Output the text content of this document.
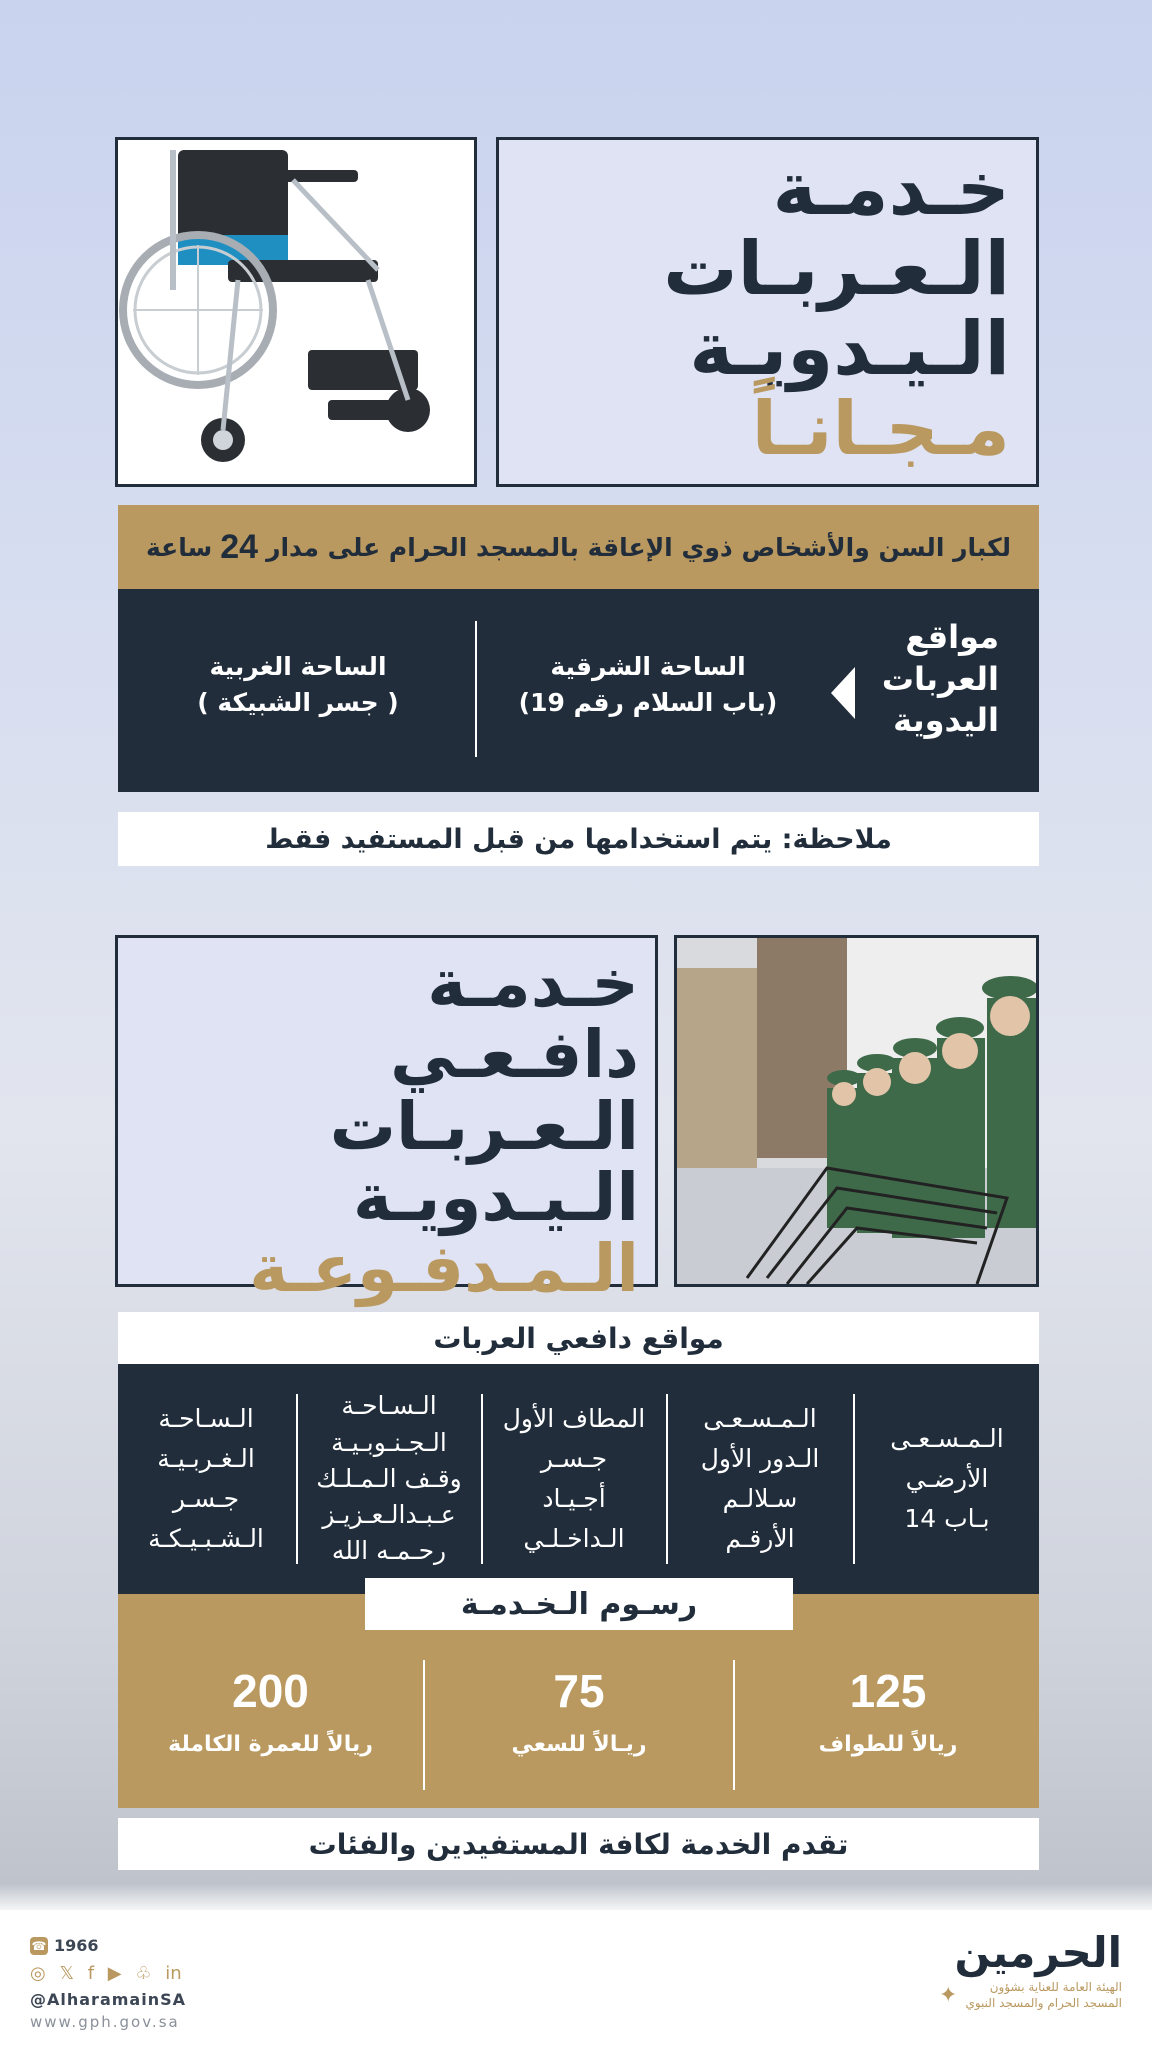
خـدمـة
الـعـربـات
الـيـدويـة
مـجـانـاً
لكبار السن والأشخاص ذوي الإعاقة بالمسجد الحرام على مدار
24
ساعة
مواقع
العربات
اليدوية
الساحة الشرقية
(باب السلام رقم 19)
الساحة الغربية
( جسر الشبيكة )
ملاحظة: يتم استخدامها من قبل المستفيد فقط
خـدمـة
دافـعـي الـعـربـات
الـيـدويـة
الـمـدفـوعـة
مواقع دافعي العربات
الـمـسـعـى
الأرضـي
بـاب 14
الـمـسـعـى
الـدور الأول
سـلالـم
الأرقـم
المطاف الأول
جـسـر
أجـيـاد
الـداخـلـي
الـسـاحـة
الـجـنـوبـيـة
وقـف الـمـلـك
عـبـدالـعـزيـز
رحـمـه الله
الـسـاحـة
الـغـربـيـة
جـسـر
الـشـبـيـكـة
رسـوم الـخـدمـة
125
ريالاً للطواف
75
ريـالاً للسعي
200
ريالاً للعمرة الكاملة
تقدم الخدمة لكافة المستفيدين والفئات
☎ 1966
◎ 𝕏 f ▶ ♧ in
@AlharamainSA
www.gph.gov.sa
الحرمين
الهيئة العامة للعناية بشؤون
المسجد الحرام والمسجد النبوي
✦
